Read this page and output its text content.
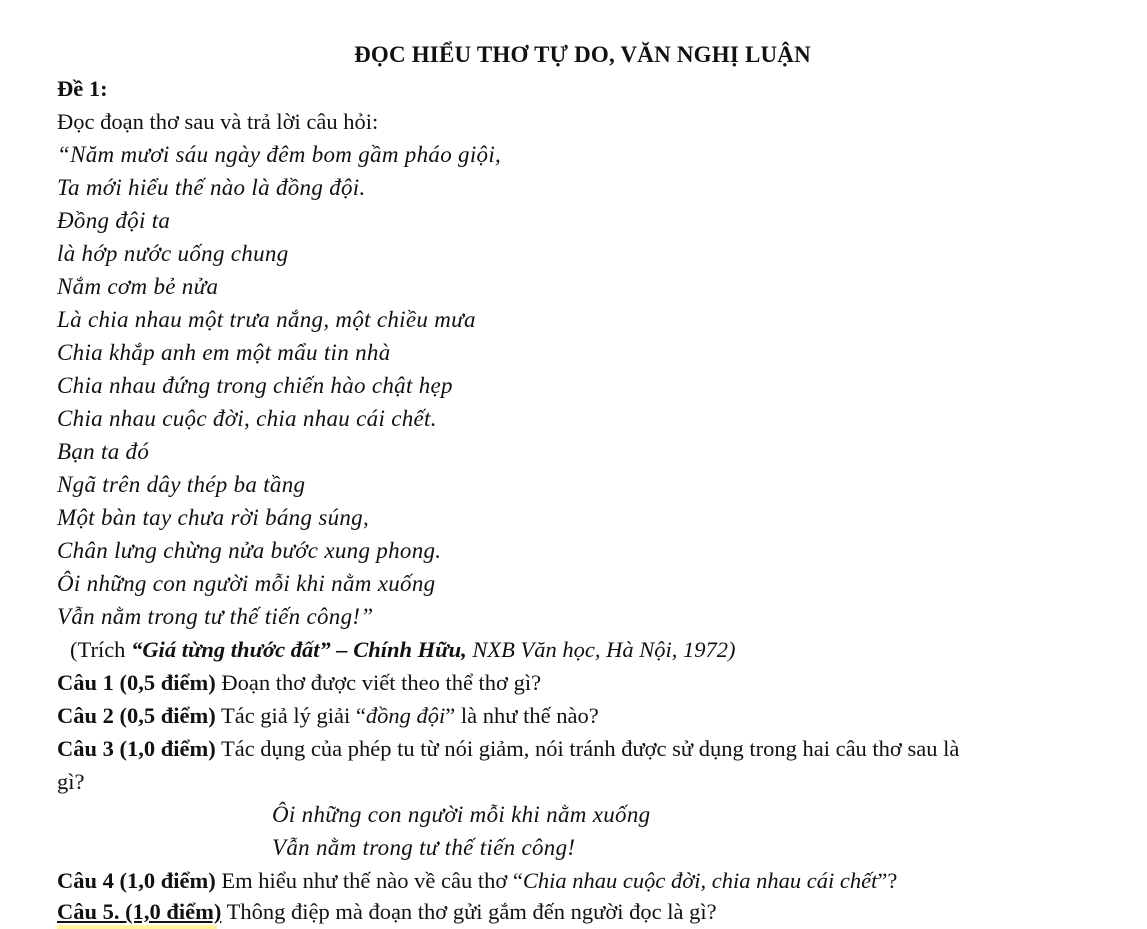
ĐỌC HIỂU THƠ TỰ DO, VĂN NGHỊ LUẬN
Đề 1:
Đọc đoạn thơ sau và trả lời câu hỏi:
“Năm mươi sáu ngày đêm bom gầm pháo giội,
Ta mới hiểu thế nào là đồng đội.
Đồng đội ta
là hớp nước uống chung
Nắm cơm bẻ nửa
Là chia nhau một trưa nắng, một chiều mưa
Chia khắp anh em một mẩu tin nhà
Chia nhau đứng trong chiến hào chật hẹp
Chia nhau cuộc đời, chia nhau cái chết.
Bạn ta đó
Ngã trên dây thép ba tầng
Một bàn tay chưa rời báng súng,
Chân lưng chừng nửa bước xung phong.
Ôi những con người mỗi khi nằm xuống
Vẫn nằm trong tư thế tiến công!”
(Trích “Giá từng thước đất” – Chính Hữu, NXB Văn học, Hà Nội, 1972)
Câu 1 (0,5 điểm) Đoạn thơ được viết theo thể thơ gì?
Câu 2 (0,5 điểm) Tác giả lý giải “đồng đội” là như thế nào?
Câu 3 (1,0 điểm) Tác dụng của phép tu từ nói giảm, nói tránh được sử dụng trong hai câu thơ sau là
gì?
Ôi những con người mỗi khi nằm xuống
Vẫn nằm trong tư thế tiến công!
Câu 4 (1,0 điểm) Em hiểu như thế nào về câu thơ “Chia nhau cuộc đời, chia nhau cái chết”?
Câu 5. (1,0 điểm) Thông điệp mà đoạn thơ gửi gắm đến người đọc là gì?
